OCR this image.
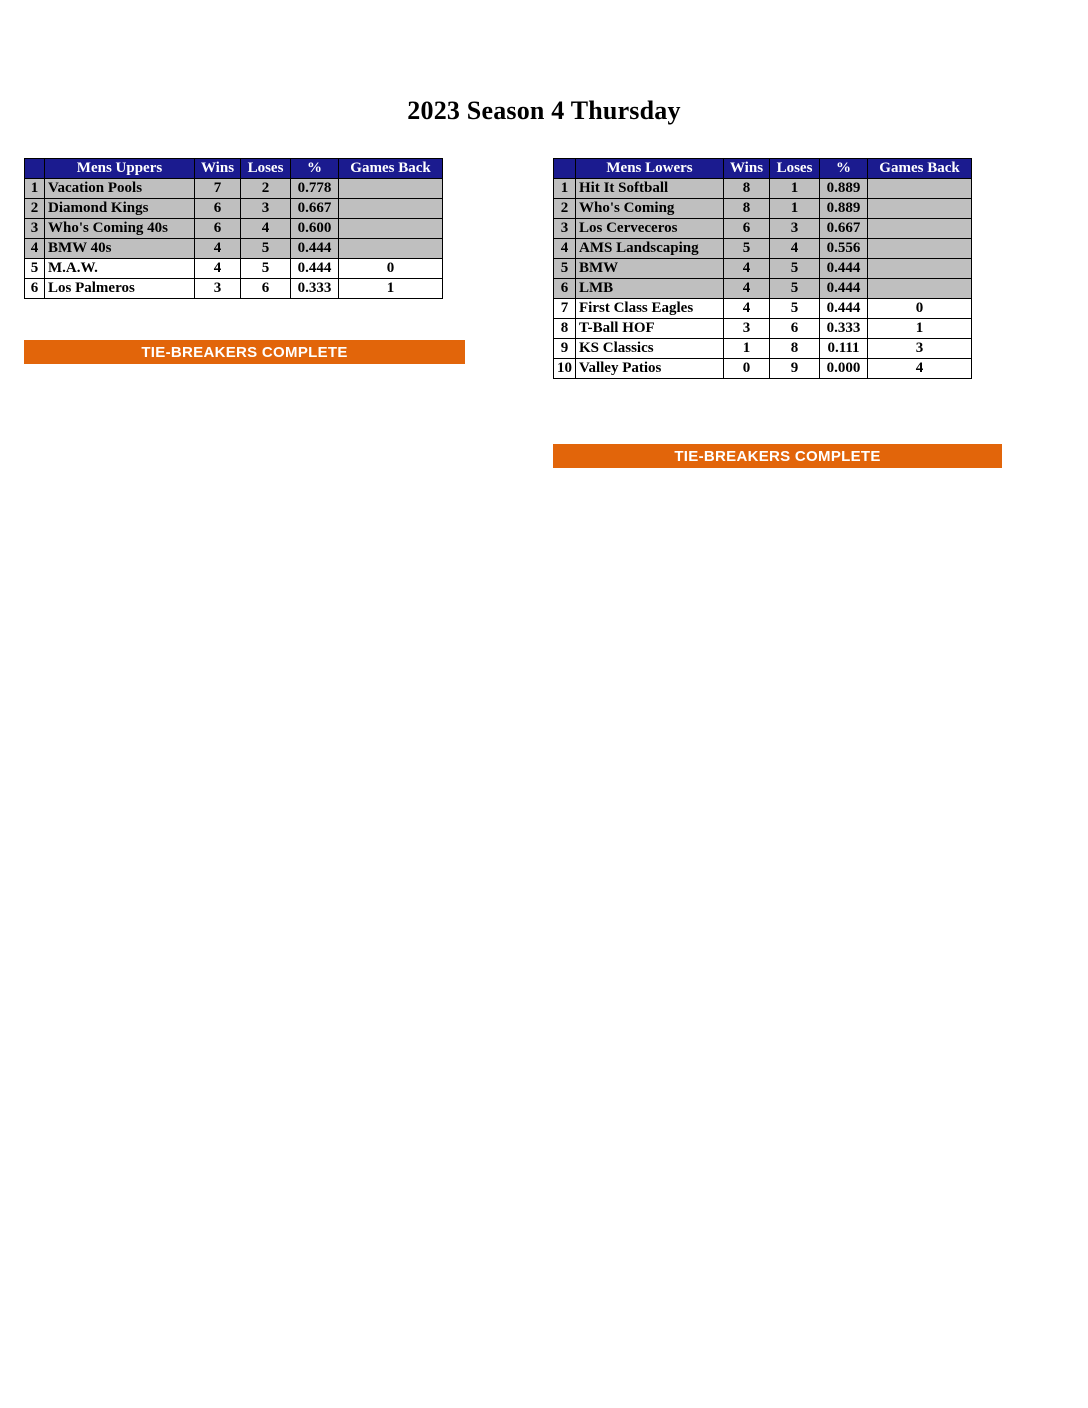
2023 Season 4 Thursday
	Mens Uppers	Wins	Loses	%	Games Back
1	Vacation Pools	7	2	0.778	
2	Diamond Kings	6	3	0.667	
3	Who's Coming 40s	6	4	0.600	
4	BMW 40s	4	5	0.444	
5	M.A.W.	4	5	0.444	0
6	Los Palmeros	3	6	0.333	1
TIE-BREAKERS COMPLETE
	Mens Lowers	Wins	Loses	%	Games Back
1	Hit It Softball	8	1	0.889	
2	Who's Coming	8	1	0.889	
3	Los Cerveceros	6	3	0.667	
4	AMS Landscaping	5	4	0.556	
5	BMW	4	5	0.444	
6	LMB	4	5	0.444	
7	First Class Eagles	4	5	0.444	0
8	T-Ball HOF	3	6	0.333	1
9	KS Classics	1	8	0.111	3
10	Valley Patios	0	9	0.000	4
TIE-BREAKERS COMPLETE
